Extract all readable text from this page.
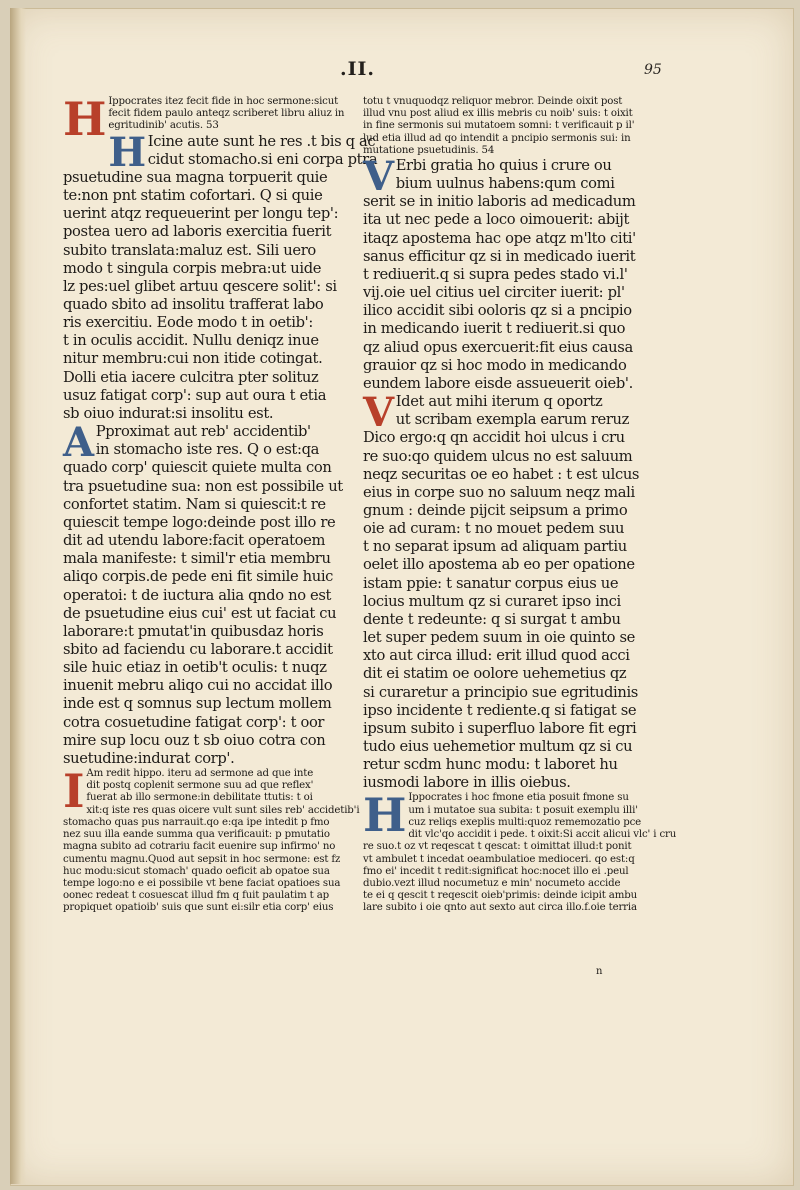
.II.	95
H Ippocrates itez fecit fide in hoc sermone:sicut

fecit fidem paulo anteqz scriberet libru aliuz in

egritudinib' acutis. 53

H Icine aute sunt he res .t bis q ac

cidut stomacho.si eni corpa ptra

psuetudine sua magna torpuerit quie

te:non pnt statim cofortari. Q si quie

uerint atqz requeuerint per longu tep':

postea uero ad laboris exercitia fuerit

subito translata:maluz est. Sili uero

modo t singula corpis mebra:ut uide

lz pes:uel glibet artuu qescere solit': si

quado sbito ad insolitu trafferat labo

ris exercitiu. Eode modo t in oetib':

t in oculis accidit. Nullu deniqz inue

nitur membru:cui non itide cotingat.

Dolli etia iacere culcitra pter solituz

usuz fatigat corp': sup aut oura t etia

sb oiuo indurat:si insolitu est.

A Pproximat aut reb' accidentib'

in stomacho iste res. Q o est:qa

quado corp' quiescit quiete multa con

tra psuetudine sua: non est possibile ut

confortet statim. Nam si quiescit:t re

quiescit tempe logo:deinde post illo re

dit ad utendu labore:facit operatoem

mala manifeste: t simil'r etia membru

aliqo corpis.de pede eni fit simile huic

operatoi: t de iuctura alia qndo no est

de psuetudine eius cui' est ut faciat cu

laborare:t pmutat'in quibusdaz horis

sbito ad faciendu cu laborare.t accidit

sile huic etiaz in oetib't oculis: t nuqz

inuenit mebru aliqo cui no accidat illo

inde est q somnus sup lectum mollem

cotra cosuetudine fatigat corp': t oor

mire sup locu ouz t sb oiuo cotra con

suetudine:indurat corp'.

I Am redit hippo. iteru ad sermone ad que inte

dit postq coplenit sermone suu ad que reflex'

fuerat ab illo sermone:in debilitate ttutis: t oi

xit:q iste res quas oicere vult sunt siles reb' accidetib'i

stomacho quas pus narrauit.qo e:qa ipe intedit p fmo

nez suu illa eande summa qua verificauit: p pmutatio

magna subito ad cotrariu facit euenire sup infirmo' no

cumentu magnu.Quod aut sepsit in hoc sermone: est fz

huc modu:sicut stomach' quado oeficit ab opatoe sua

tempe logo:no e ei possibile vt bene faciat opatioes sua

oonec redeat t cosuescat illud fm q fuit paulatim t ap

propiquet opatioib' suis que sunt ei:silr etia corp' eius

totu t vnuquodqz reliquor mebror. Deinde oixit post

illud vnu post aliud ex illis mebris cu noib' suis: t oixit

in fine sermonis sui mutatoem somni: t verificauit p il'

lud etia illud ad qo intendit a pncipio sermonis sui: in

mutatione psuetudinis. 54

V Erbi gratia ho quius i crure ou

bium uulnus habens:qum comi

serit se in initio laboris ad medicadum

ita ut nec pede a loco oimouerit: abijt

itaqz apostema hac ope atqz m'lto citi'

sanus efficitur qz si in medicado iuerit

t rediuerit.q si supra pedes stado vi.l'

vij.oie uel citius uel circiter iuerit: pl'

ilico accidit sibi ooloris qz si a pncipio

in medicando iuerit t rediuerit.si quo

qz aliud opus exercuerit:fit eius causa

grauior qz si hoc modo in medicando

eundem labore eisde assueuerit oieb'.

V Idet aut mihi iterum q oportz

ut scribam exempla earum reruz

Dico ergo:q qn accidit hoi ulcus i cru

re suo:qo quidem ulcus no est saluum

neqz securitas oe eo habet : t est ulcus

eius in corpe suo no saluum neqz mali

gnum : deinde pijcit seipsum a primo

oie ad curam: t no mouet pedem suu

t no separat ipsum ad aliquam partiu

oelet illo apostema ab eo per opatione

istam ppie: t sanatur corpus eius ue

locius multum qz si curaret ipso inci

dente t redeunte: q si surgat t ambu

let super pedem suum in oie quinto se

xto aut circa illud: erit illud quod acci

dit ei statim oe oolore uehemetius qz

si curaretur a principio sue egritudinis

ipso incidente t rediente.q si fatigat se

ipsum subito i superfluo labore fit egri

tudo eius uehemetior multum qz si cu

retur scdm hunc modu: t laboret hu

iusmodi labore in illis oiebus.

H Ippocrates i hoc fmone etia posuit fmone su

um i mutatoe sua subita: t posuit exemplu illi'

cuz reliqs exeplis multi:quoz rememozatio pce

dit vlc'qo accidit i pede. t oixit:Si accit alicui vlc' i cru

re suo.t oz vt reqescat t qescat: t oimittat illud:t ponit

vt ambulet t incedat oeambulatioe medioceri. qo est:q

fmo ei' incedit t redit:significat hoc:nocet illo ei .peul

dubio.vezt illud nocumetuz e min' nocumeto accide

te ei q qescit t reqescit oieb'primis: deinde icipit ambu

lare subito i oie qnto aut sexto aut circa illo.f.oie terria

n
